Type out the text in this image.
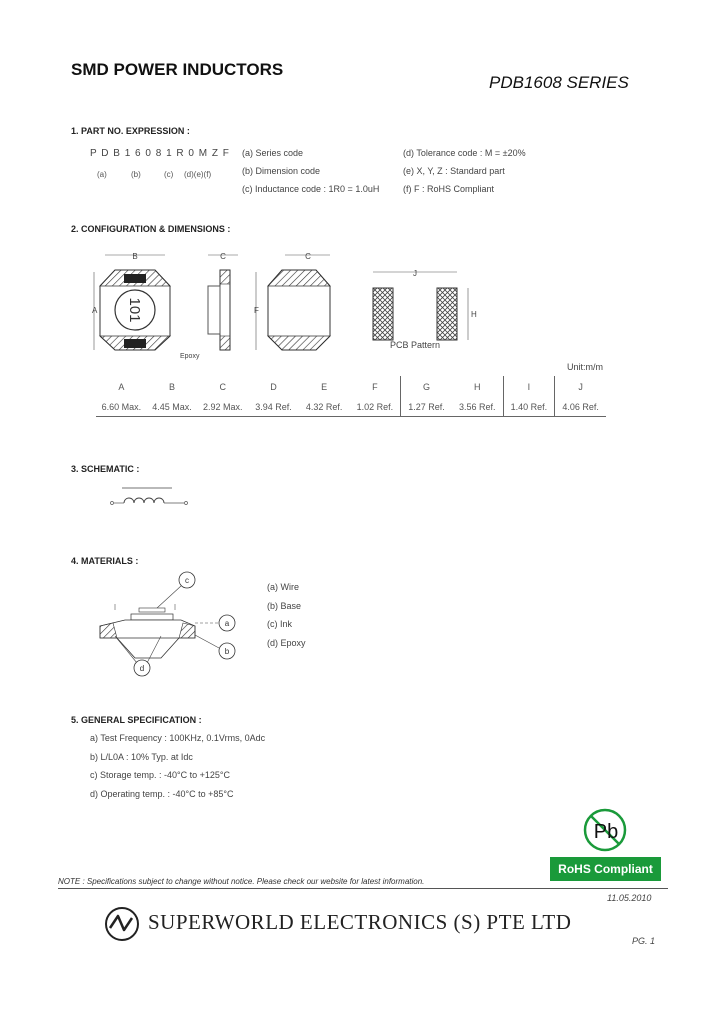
SMD POWER INDUCTORS
PDB1608 SERIES
1. PART NO. EXPRESSION :
P D B 1 6 0 8 1 R 0 M Z F
(a)	(b)	(c) (d)(e)(f)
(a) Series code
(b) Dimension code
(c) Inductance code : 1R0 = 1.0uH
(d) Tolerance code : M = ±20%
(e) X, Y, Z : Standard part
(f) F : RoHS Compliant
2. CONFIGURATION & DIMENSIONS :
B
A 101
C
Epoxy
C
F
J
H
PCB Pattern
Unit:m/m
A	B	C	D	E	F	G	H	I	J
6.60 Max.	4.45 Max.	2.92 Max.	3.94 Ref.	4.32 Ref.	1.02 Ref.	1.27 Ref.	3.56 Ref.	1.40 Ref.	4.06 Ref.
3. SCHEMATIC :
4. MATERIALS :
c
a
b
d
(a) Wire
(b) Base
(c) Ink
(d) Epoxy
5. GENERAL SPECIFICATION :
a) Test Frequency : 100KHz, 0.1Vrms, 0Adc
b) L/L0A : 10% Typ. at Idc
c) Storage temp. : -40°C to +125°C
d) Operating temp. : -40°C to +85°C
Pb
RoHS Compliant
NOTE : Specifications subject to change without notice. Please check our website for latest information.
11.05.2010
SUPERWORLD ELECTRONICS (S) PTE LTD
PG. 1
